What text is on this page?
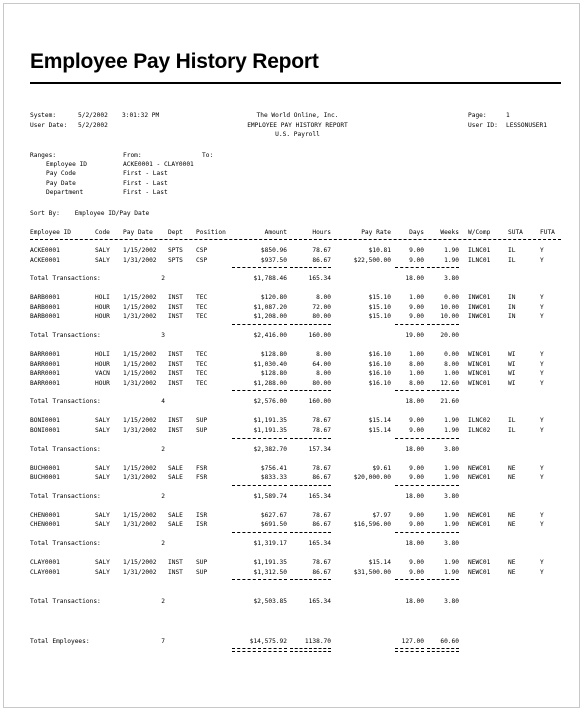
Employee Pay History Report
System:	5/2/2002 3:01:32 PM
User Date: 5/2/2002
The World Online, Inc.
EMPLOYEE PAY HISTORY REPORT
U.S. Payroll
Page:	1
User ID: LESSONUSER1
Ranges:	From:	To:
Employee ID	ACKE0001 - CLAY0001
Pay Code	First - Last
Pay Date	First - Last
Department	First - Last
Sort By:    Employee ID/Pay Date
Employee ID	Code	Pay Date	Dept	Position	Amount	Hours	Pay Rate	Days	Weeks W/Comp	SUTA	FUTA
ACKE0001	SALY	1/15/2002	SPTS	CSP	$850.96	78.67	$10.81	9.00	1.90 ILNC01	IL	Y
ACKE0001	SALY	1/31/2002	SPTS	CSP	$937.50	86.67	$22,500.00	9.00	1.90 ILNC01	IL	Y
Total Transactions:	2	$1,788.46	165.34	18.00	3.80
BARB0001	HOLI	1/15/2002	INST	TEC	$120.80	8.00	$15.10	1.00	0.00 INWC01	IN	Y
BARB0001	HOUR	1/15/2002	INST	TEC	$1,087.20	72.00	$15.10	9.00	10.00 INWC01	IN	Y
BARB0001	HOUR	1/31/2002	INST	TEC	$1,208.00	80.00	$15.10	9.00	10.00 INWC01	IN	Y
Total Transactions:	3	$2,416.00	160.00	19.00	20.00
BARR0001	HOLI	1/15/2002	INST	TEC	$128.80	8.00	$16.10	1.00	0.00 WINC01	WI	Y
BARR0001	HOUR	1/15/2002	INST	TEC	$1,030.40	64.00	$16.10	8.00	8.00 WINC01	WI	Y
BARR0001	VACN	1/15/2002	INST	TEC	$128.80	8.00	$16.10	1.00	1.00 WINC01	WI	Y
BARR0001	HOUR	1/31/2002	INST	TEC	$1,288.00	80.00	$16.10	8.00	12.60 WINC01	WI	Y
Total Transactions:	4	$2,576.00	160.00	18.00	21.60
BONI0001	SALY	1/15/2002	INST	SUP	$1,191.35	78.67	$15.14	9.00	1.90 ILNC02	IL	Y
BONI0001	SALY	1/31/2002	INST	SUP	$1,191.35	78.67	$15.14	9.00	1.90 ILNC02	IL	Y
Total Transactions:	2	$2,382.70	157.34	18.00	3.80
BUCH0001	SALY	1/15/2002	SALE	FSR	$756.41	78.67	$9.61	9.00	1.90 NEWC01	NE	Y
BUCH0001	SALY	1/31/2002	SALE	FSR	$833.33	86.67	$20,000.00	9.00	1.90 NEWC01	NE	Y
Total Transactions:	2	$1,589.74	165.34	18.00	3.80
CHEN0001	SALY	1/15/2002	SALE	ISR	$627.67	78.67	$7.97	9.00	1.90 NEWC01	NE	Y
CHEN0001	SALY	1/31/2002	SALE	ISR	$691.50	86.67	$16,596.00	9.00	1.90 NEWC01	NE	Y
Total Transactions:	2	$1,319.17	165.34	18.00	3.80
CLAY0001	SALY	1/15/2002	INST	SUP	$1,191.35	78.67	$15.14	9.00	1.90 NEWC01	NE	Y
CLAY0001	SALY	1/31/2002	INST	SUP	$1,312.50	86.67	$31,500.00	9.00	1.90 NEWC01	NE	Y
Total Transactions:	2	$2,503.85	165.34	18.00	3.80
Total Employees:	7	$14,575.92	1138.70	127.00	60.60
